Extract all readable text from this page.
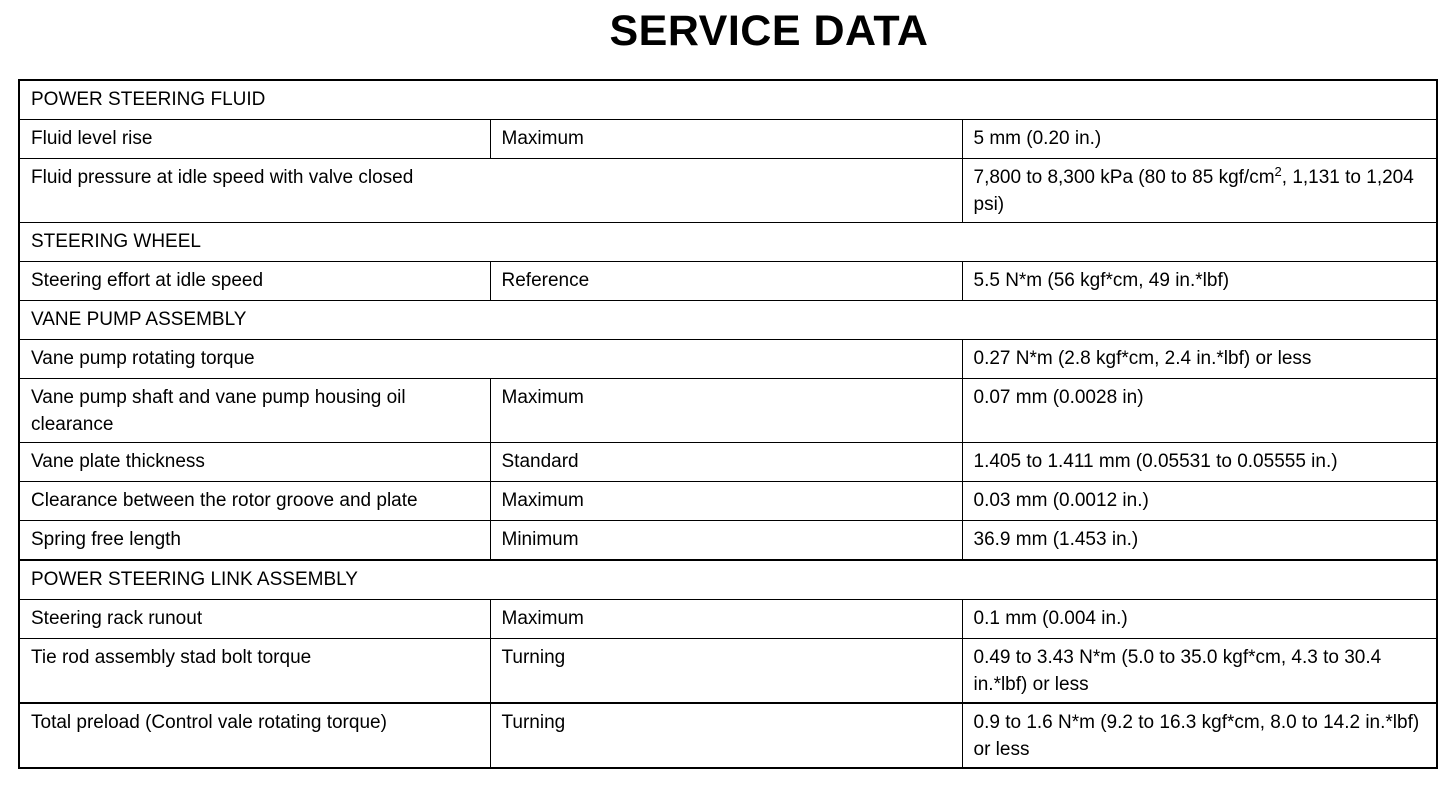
SERVICE DATA
POWER STEERING FLUID		
Fluid level rise	Maximum	5 mm (0.20 in.)
Fluid pressure at idle speed with valve closed		7,800 to 8,300 kPa (80 to 85 kgf/$cm^2$, 1,131 to 1,204 psi)
STEERING WHEEL		
Steering effort at idle speed	Reference	5.5 N*m (56 kgf*cm, 49 in.*lbf)
VANE PUMP ASSEMBLY		
Vane pump rotating torque		0.27 N*m (2.8 kgf*cm, 2.4 in.*lbf) or less
Vane pump shaft and vane pump housing oil clearance	Maximum	0.07 mm (0.0028 in)
Vane plate thickness	Standard	1.405 to 1.411 mm (0.05531 to 0.05555 in.)
Clearance between the rotor groove and plate	Maximum	0.03 mm (0.0012 in.)
Spring free length	Minimum	36.9 mm (1.453 in.)
POWER STEERING LINK ASSEMBLY		
Steering rack runout	Maximum	0.1 mm (0.004 in.)
Tie rod assembly stad bolt torque	Turning	0.49 to 3.43 N*m (5.0 to 35.0 kgf*cm, 4.3 to 30.4 in.*lbf) or less
Total preload (Control vale rotating torque)	Turning	0.9 to 1.6 N*m (9.2 to 16.3 kgf*cm, 8.0 to 14.2 in.*lbf) or less
